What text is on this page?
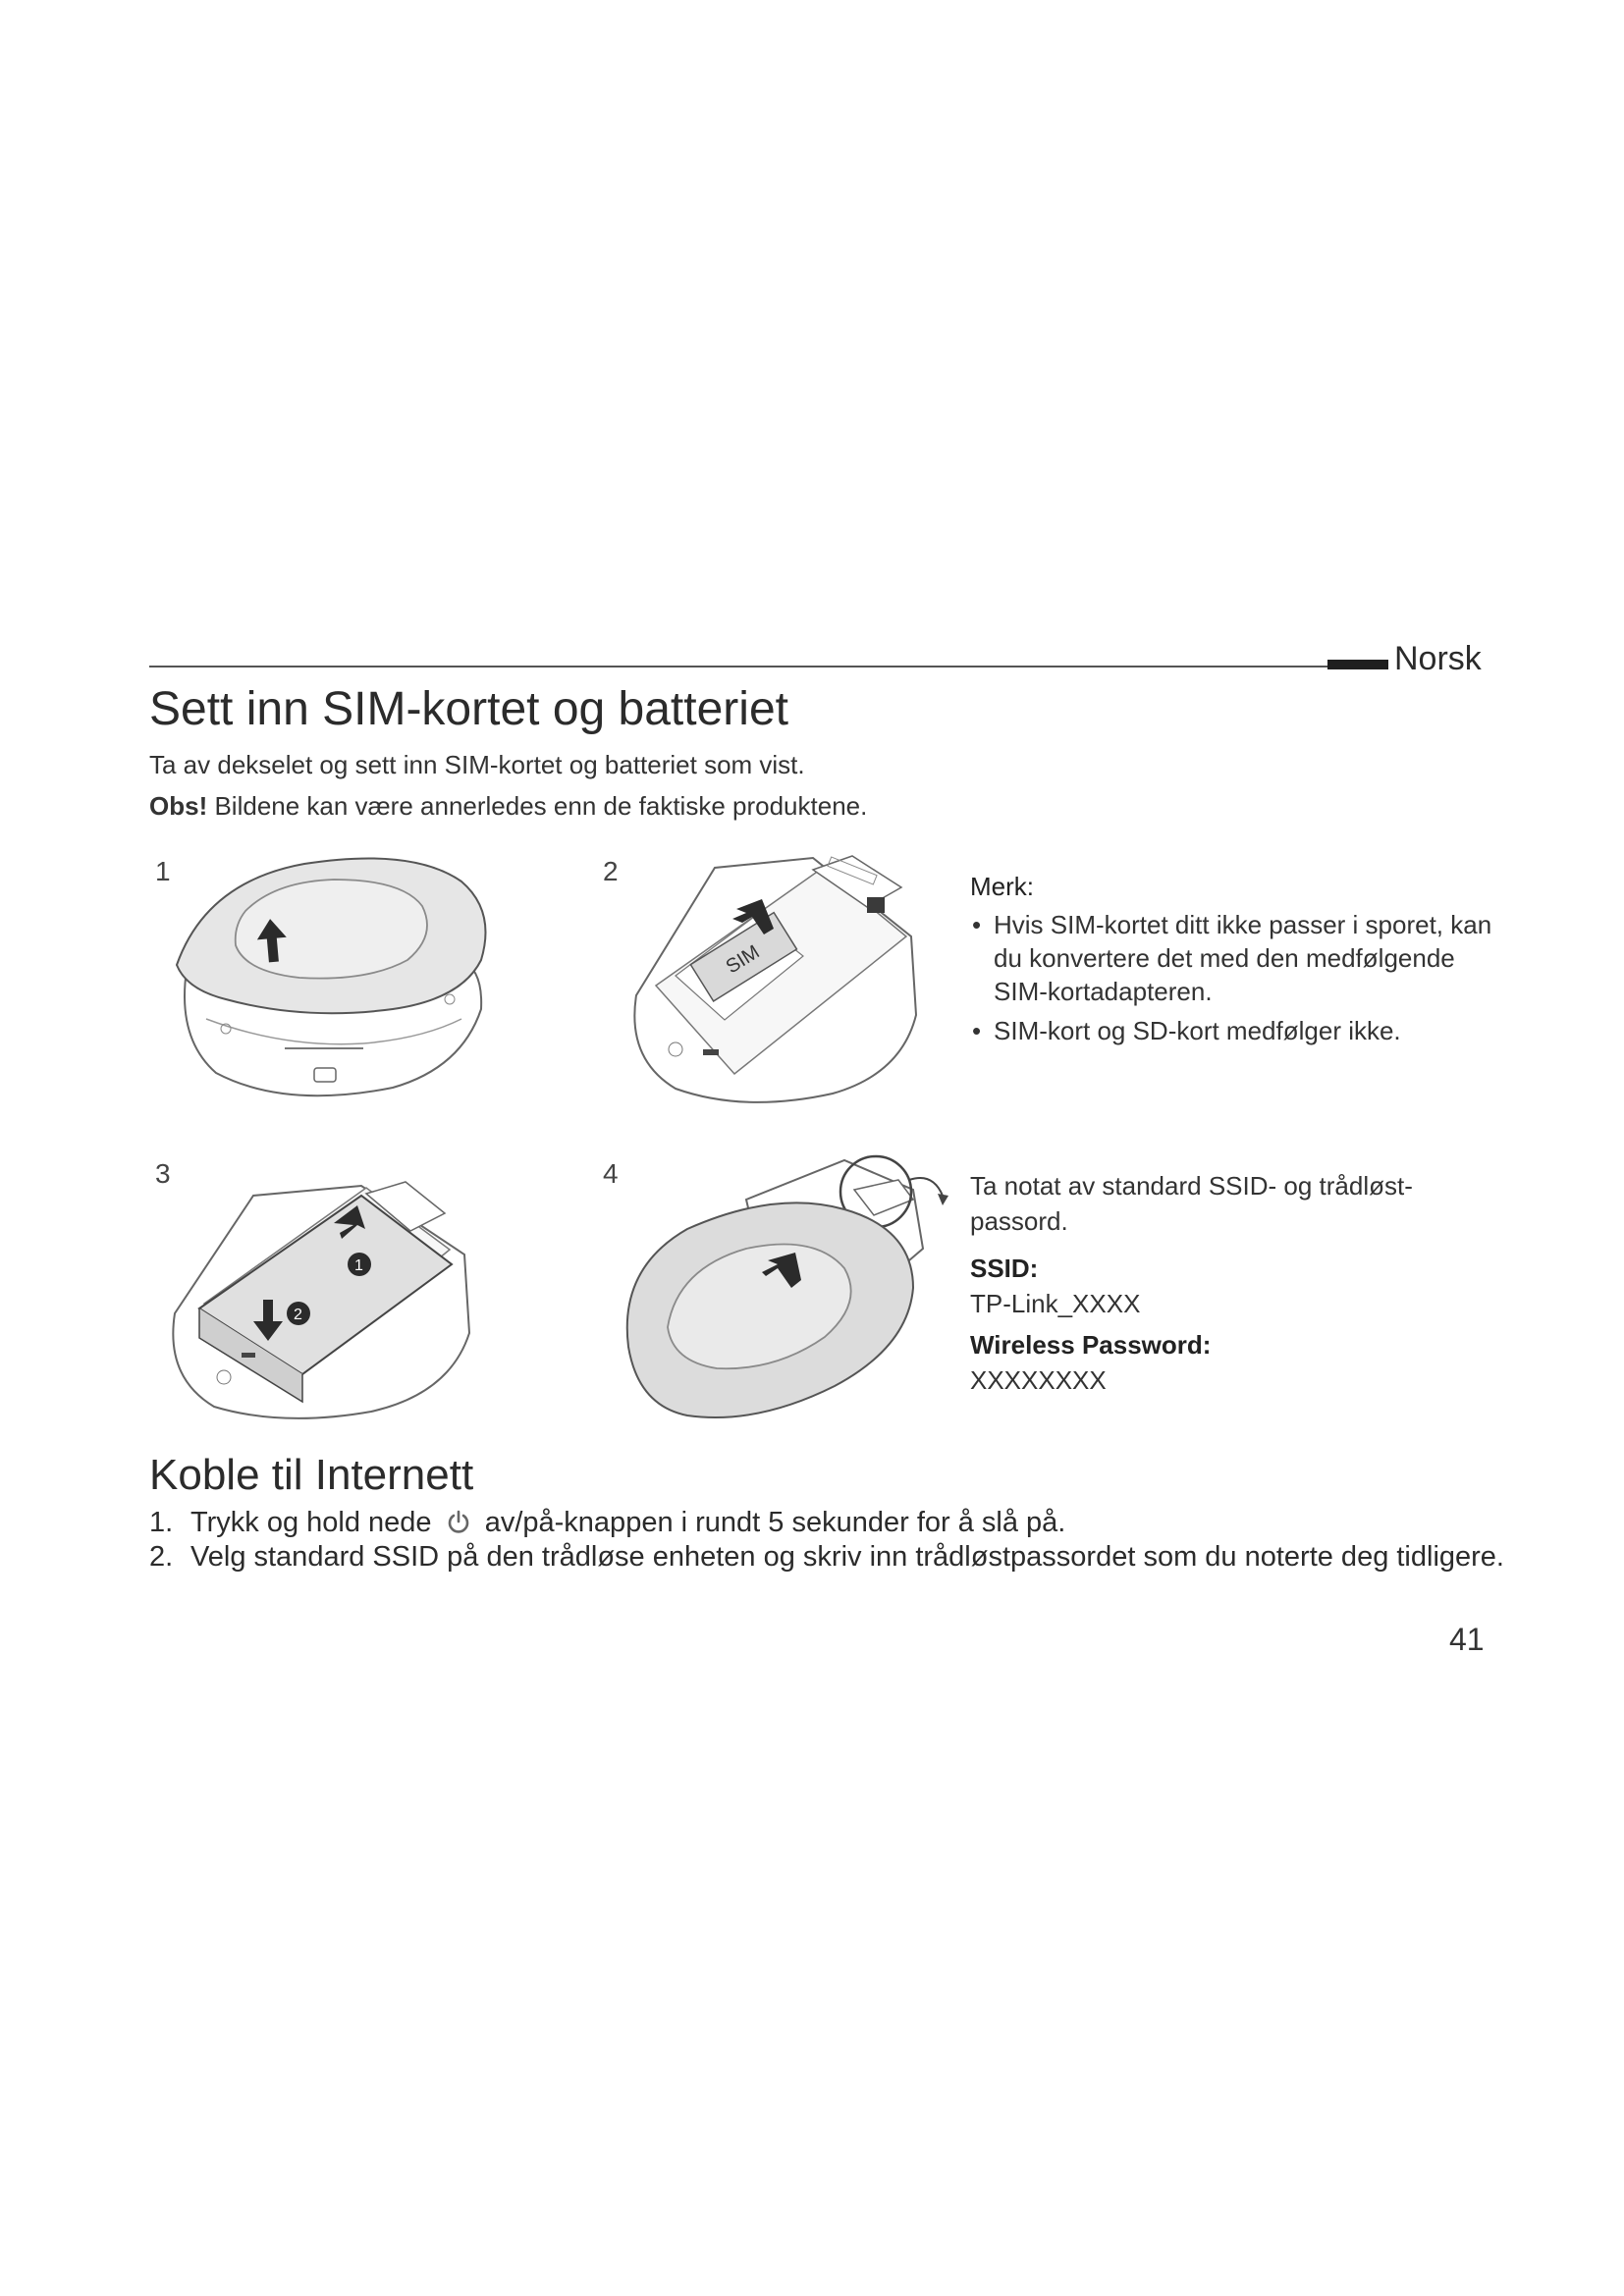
Norsk
Sett inn SIM-kortet og batteriet
Ta av dekselet og sett inn SIM-kortet og batteriet som vist.
Obs! Bildene kan være annerledes enn de faktiske produktene.
1	2
3	4
SIM
1
2
Merk:
• Hvis SIM-kortet ditt ikke passer i sporet, kan du konvertere det med den medfølgende SIM-kortadapteren.
• SIM-kort og SD-kort medfølger ikke.
Ta notat av standard SSID- og trådløst-passord.
SSID:
TP-Link_XXXX
Wireless Password:
XXXXXXXX
Koble til Internett
1. Trykk og hold nede av/på-knappen i rundt 5 sekunder for å slå på.
2. Velg standard SSID på den trådløse enheten og skriv inn trådløstpassordet som du noterte deg tidligere.
41
